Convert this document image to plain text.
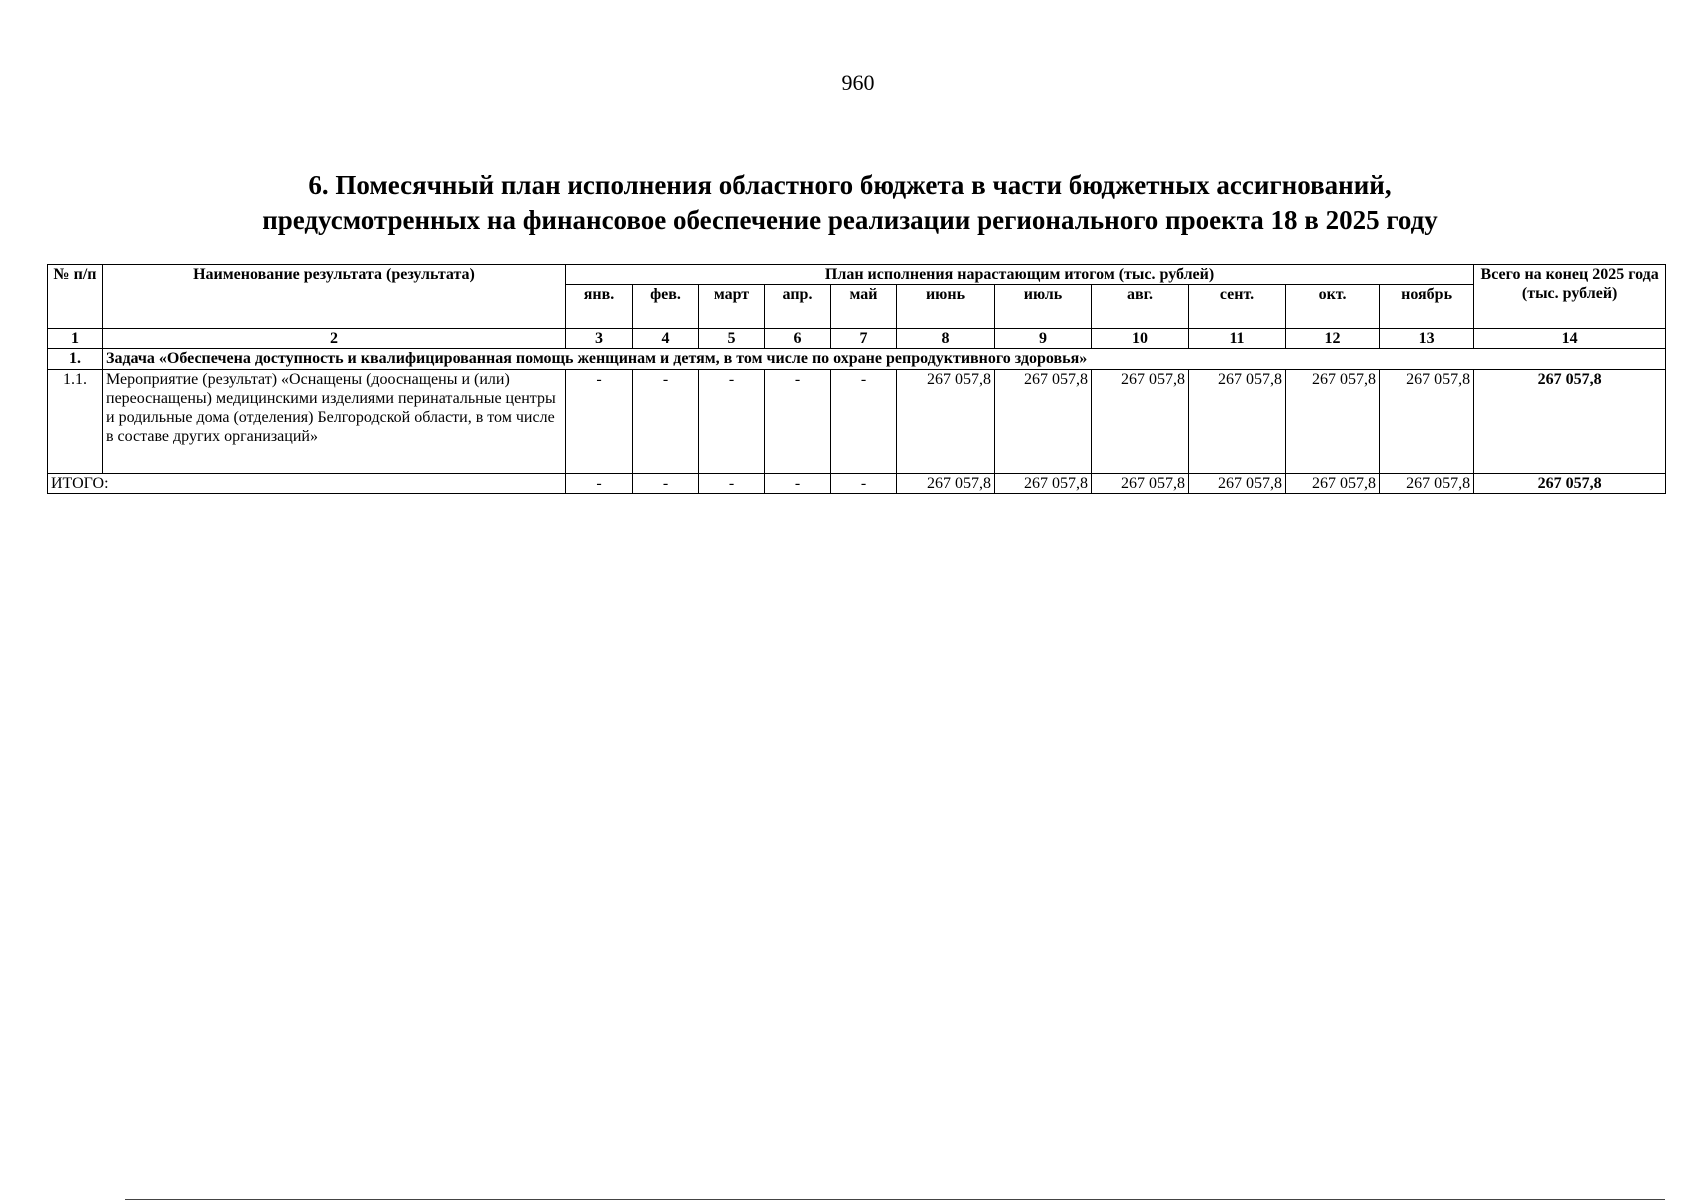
960
6. Помесячный план исполнения областного бюджета в части бюджетных ассигнований,
предусмотренных на финансовое обеспечение реализации регионального проекта 18 в 2025 году
№ п/п	Наименование результата (результата)	План исполнения нарастающим итогом (тыс. рублей)											Всего на конец 2025 года (тыс. рублей)
		янв.	фев.	март	апр.	май	июнь	июль	авг.	сент.	окт.	ноябрь	
1	2	3	4	5	6	7	8	9	10	11	12	13	14
1.	Задача «Обеспечена доступность и квалифицированная помощь женщинам и детям, в том числе по охране репродуктивного здоровья»												
1.1.	Мероприятие (результат) «Оснащены (дооснащены и (или) переоснащены) медицинскими изделиями перинатальные центры и родильные дома (отделения) Белгородской области, в том числе в составе других организаций»	-	-	-	-	-	267 057,8	267 057,8	267 057,8	267 057,8	267 057,8	267 057,8	267 057,8
ИТОГО:		-	-	-	-	-	267 057,8	267 057,8	267 057,8	267 057,8	267 057,8	267 057,8	267 057,8
